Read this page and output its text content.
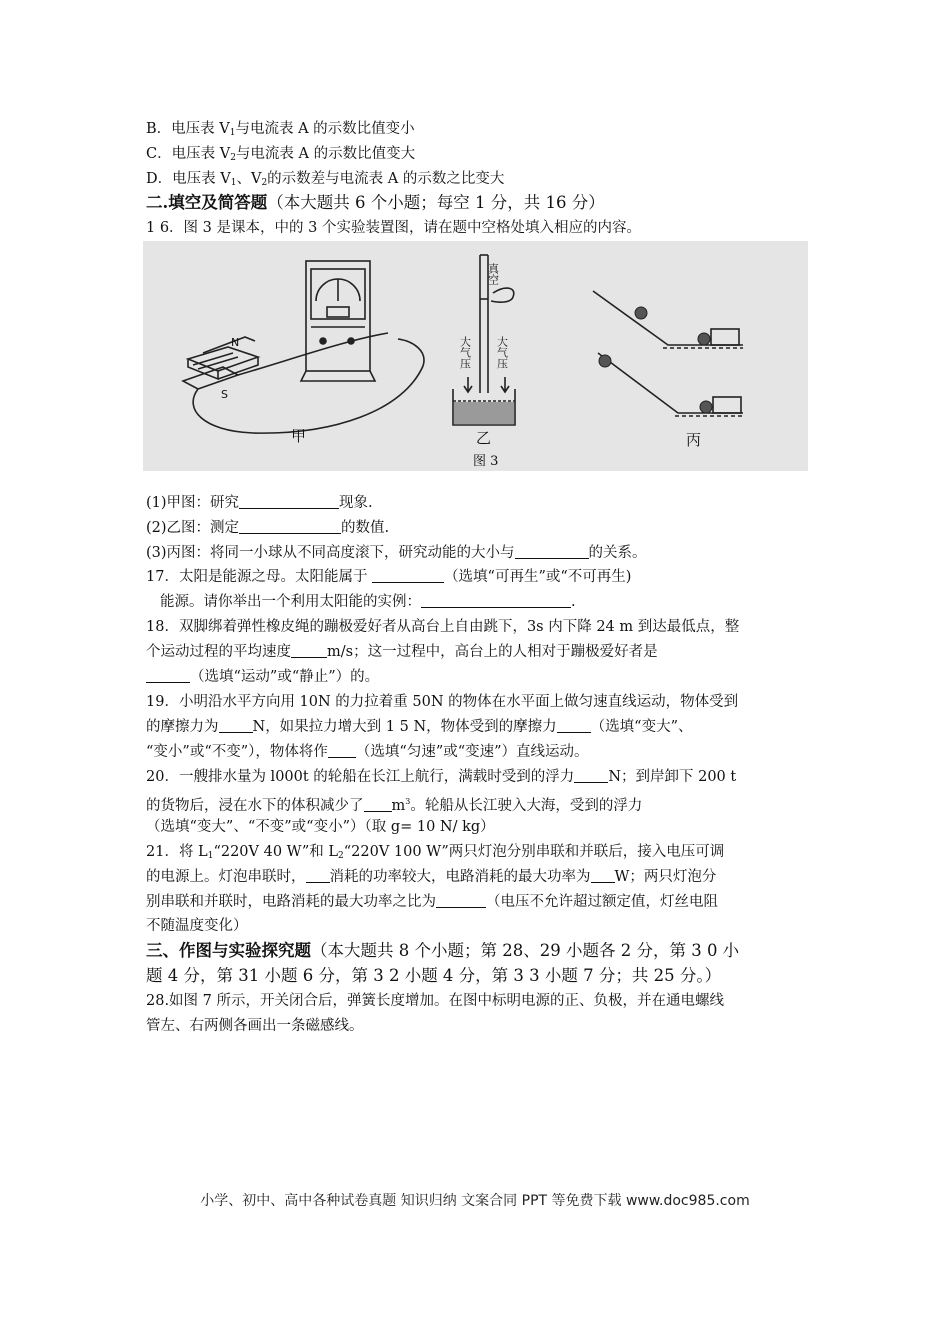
B．电压表 $V_1$与电流表 A 的示数比值变小
C．电压表 $V_2$与电流表 A 的示数比值变大
D．电压表 $V_1$、$V_2$的示数差与电流表 A 的示数之比变大
二.填空及简答题（本大题共 6 个小题；每空 1 分，共 16 分）
1 6．图 3 是课本，中的 3 个实验装置图，请在题中空格处填入相应的内容。
N
S
甲
真空
大气压 大气压
乙
图 3
丙
(1)甲图：研究	现象.
(2)乙图：测定	的数值.
(3)丙图：将同一小球从不同高度滚下，研究动能的大小与	的关系。
17．太阳是能源之母。太阳能属于	（选填“可再生”或“不可再生)
能源。请你举出一个利用太阳能的实例：	.
18．双脚绑着弹性橡皮绳的蹦极爱好者从高台上自由跳下，3s 内下降 24 m 到达最低点，整
个运动过程的平均速度 m/s；这一过程中，高台上的人相对于蹦极爱好者是
（选填“运动”或“静止”）的。
19．小明沿水平方向用 10N 的力拉着重 50N 的物体在水平面上做匀速直线运动，物体受到
的摩擦力为 N，如果拉力增大到 1 5 N，物体受到的摩擦力 （选填“变大”、
“变小”或“不变”），物体将作 （选填“匀速”或“变速”）直线运动。
20．一艘排水量为 l000t 的轮船在长江上航行，满载时受到的浮力 N；到岸卸下 200 t
的货物后，浸在水下的体积减少了 $m^3$。轮船从长江驶入大海，受到的浮力
（选填“变大”、“不变”或“变小”）（取 g= 10 N/ kg）
21．将 $L_1“220V$ 40 W”和 $L_2“220V$ 100 W”两只灯泡分别串联和并联后，接入电压可调
的电源上。灯泡串联时， 消耗的功率较大，电路消耗的最大功率为 W；两只灯泡分
别串联和并联时，电路消耗的最大功率之比为	（电压不允许超过额定值，灯丝电阻
不随温度变化）
三、作图与实验探究题（本大题共 8 个小题；第 28、29 小题各 2 分，第 3 0 小
题 4 分，第 31 小题 6 分，第 3 2 小题 4 分，第 3 3 小题 7 分；共 25 分。）
28.如图 7 所示，开关闭合后，弹簧长度增加。在图中标明电源的正、负极，并在通电螺线
管左、右两侧各画出一条磁感线。
小学、初中、高中各种试卷真题 知识归纳 文案合同 PPT 等免费下载 www.doc985.com
